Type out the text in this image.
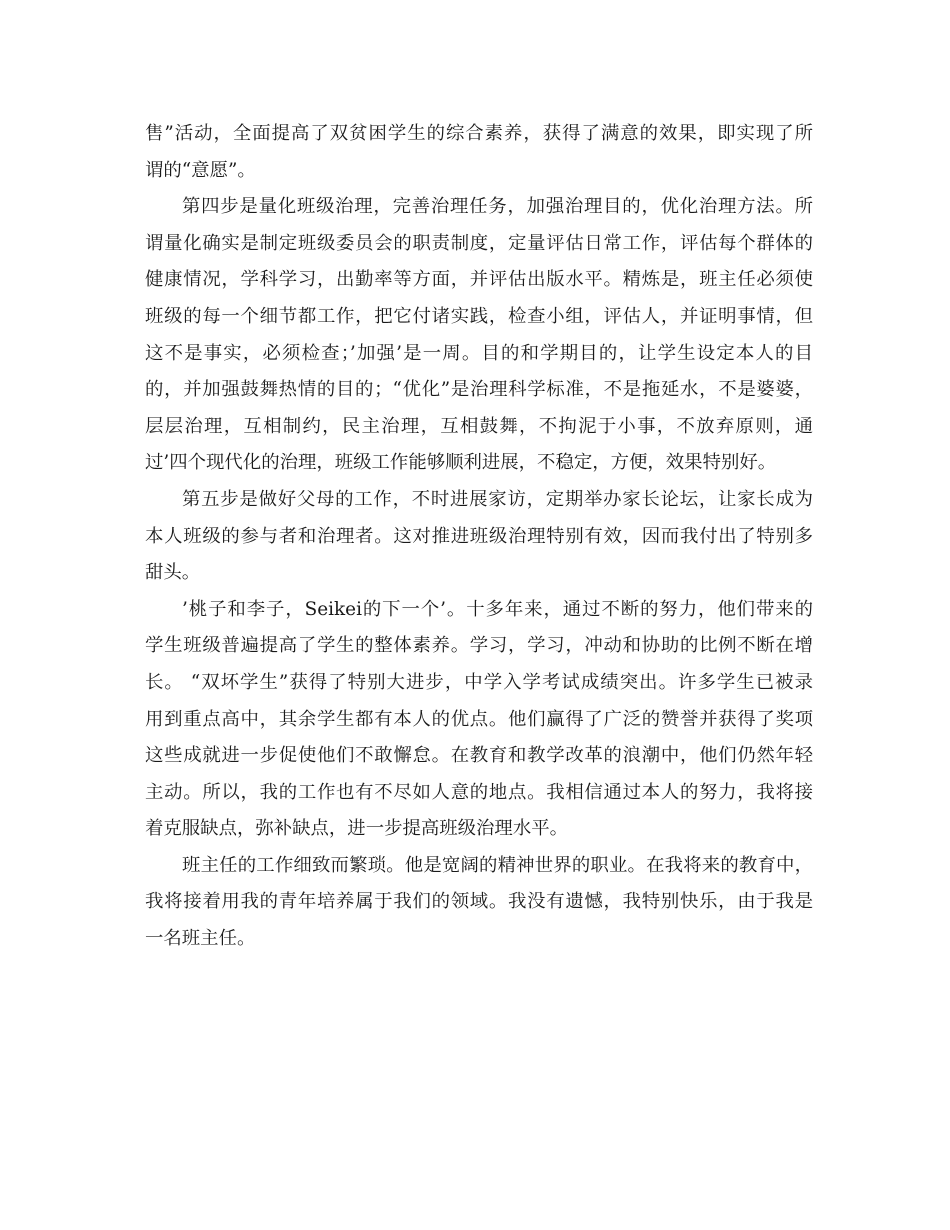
售”活动，全面提高了双贫困学生的综合素养，获得了满意的效果，即实现了所
谓的“意愿”。
第四步是量化班级治理，完善治理任务，加强治理目的，优化治理方法。所
谓量化确实是制定班级委员会的职责制度，定量评估日常工作，评估每个群体的
健康情况，学科学习，出勤率等方面，并评估出版水平。精炼是，班主任必须使
班级的每一个细节都工作，把它付诸实践，检查小组，评估人，并证明事情，但
这不是事实，必须检查；’加强’是一周。目的和学期目的，让学生设定本人的目
的，并加强鼓舞热情的目的；“优化”是治理科学标准，不是拖延水，不是婆婆，
层层治理，互相制约，民主治理，互相鼓舞，不拘泥于小事，不放弃原则，通
过’四个现代化的治理，班级工作能够顺利进展，不稳定，方便，效果特别好。
第五步是做好父母的工作，不时进展家访，定期举办家长论坛，让家长成为
本人班级的参与者和治理者。这对推进班级治理特别有效，因而我付出了特别多
甜头。
’桃子和李子，Seikei的下一个’。十多年来，通过不断的努力，他们带来的
学生班级普遍提高了学生的整体素养。学习，学习，冲动和协助的比例不断在增
长。 “双坏学生”获得了特别大进步，中学入学考试成绩突出。许多学生已被录
用到重点高中，其余学生都有本人的优点。他们赢得了广泛的赞誉并获得了奖项
这些成就进一步促使他们不敢懈怠。在教育和教学改革的浪潮中，他们仍然年轻
主动。所以，我的工作也有不尽如人意的地点。我相信通过本人的努力，我将接
着克服缺点，弥补缺点，进一步提高班级治理水平。
班主任的工作细致而繁琐。他是宽阔的精神世界的职业。在我将来的教育中，
我将接着用我的青年培养属于我们的领域。我没有遗憾，我特别快乐，由于我是
一名班主任。
